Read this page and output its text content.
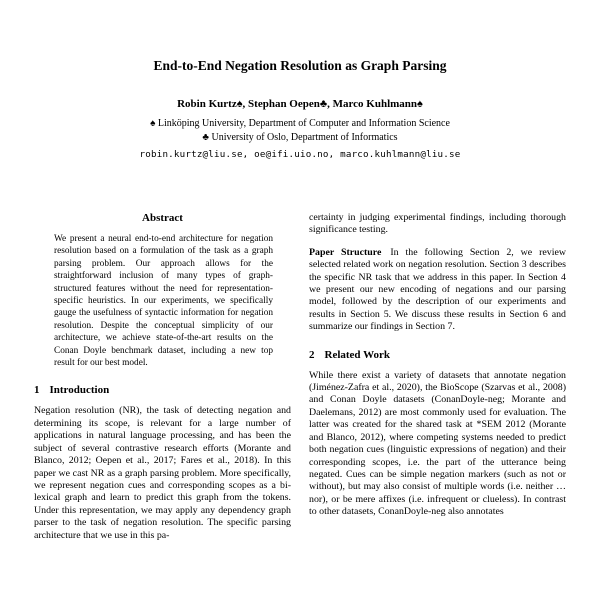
End-to-End Negation Resolution as Graph Parsing
Robin Kurtz♠, Stephan Oepen♣, Marco Kuhlmann♠
♠ Linköping University, Department of Computer and Information Science
♣ University of Oslo, Department of Informatics
robin.kurtz@liu.se, oe@ifi.uio.no, marco.kuhlmann@liu.se
Abstract

We present a neural end-to-end architecture for negation resolution based on a formulation of the task as a graph parsing problem. Our approach allows for the straightforward inclusion of many types of graph-structured features without the need for representation-specific heuristics. In our experiments, we specifically gauge the usefulness of syntactic information for negation resolution. Despite the conceptual simplicity of our architecture, we achieve state-of-the-art results on the Conan Doyle benchmark dataset, including a new top result for our best model.

1 Introduction

Negation resolution (NR), the task of detecting negation and determining its scope, is relevant for a large number of applications in natural language processing, and has been the subject of several contrastive research efforts (Morante and Blanco, 2012; Oepen et al., 2017; Fares et al., 2018). In this paper we cast NR as a graph parsing problem. More specifically, we represent negation cues and corresponding scopes as a bi-lexical graph and learn to predict this graph from the tokens. Under this representation, we may apply any dependency graph parser to the task of negation resolution. The specific parsing architecture that we use in this pa-

certainty in judging experimental findings, including thorough significance testing.

Paper Structure In the following Section 2, we review selected related work on negation resolution. Section 3 describes the specific NR task that we address in this paper. In Section 4 we present our new encoding of negations and our parsing model, followed by the description of our experiments and results in Section 5. We discuss these results in Section 6 and summarize our findings in Section 7.

2 Related Work

While there exist a variety of datasets that annotate negation (Jiménez-Zafra et al., 2020), the BioScope (Szarvas et al., 2008) and Conan Doyle datasets (ConanDoyle-neg; Morante and Daelemans, 2012) are most commonly used for evaluation. The latter was created for the shared task at *SEM 2012 (Morante and Blanco, 2012), where competing systems needed to predict both negation cues (linguistic expressions of negation) and their corresponding scopes, i.e. the part of the utterance being negated. Cues can be simple negation markers (such as not or without), but may also consist of multiple words (i.e. neither … nor), or be mere affixes (i.e. infrequent or clueless). In contrast to other datasets, ConanDoyle-neg also annotates
